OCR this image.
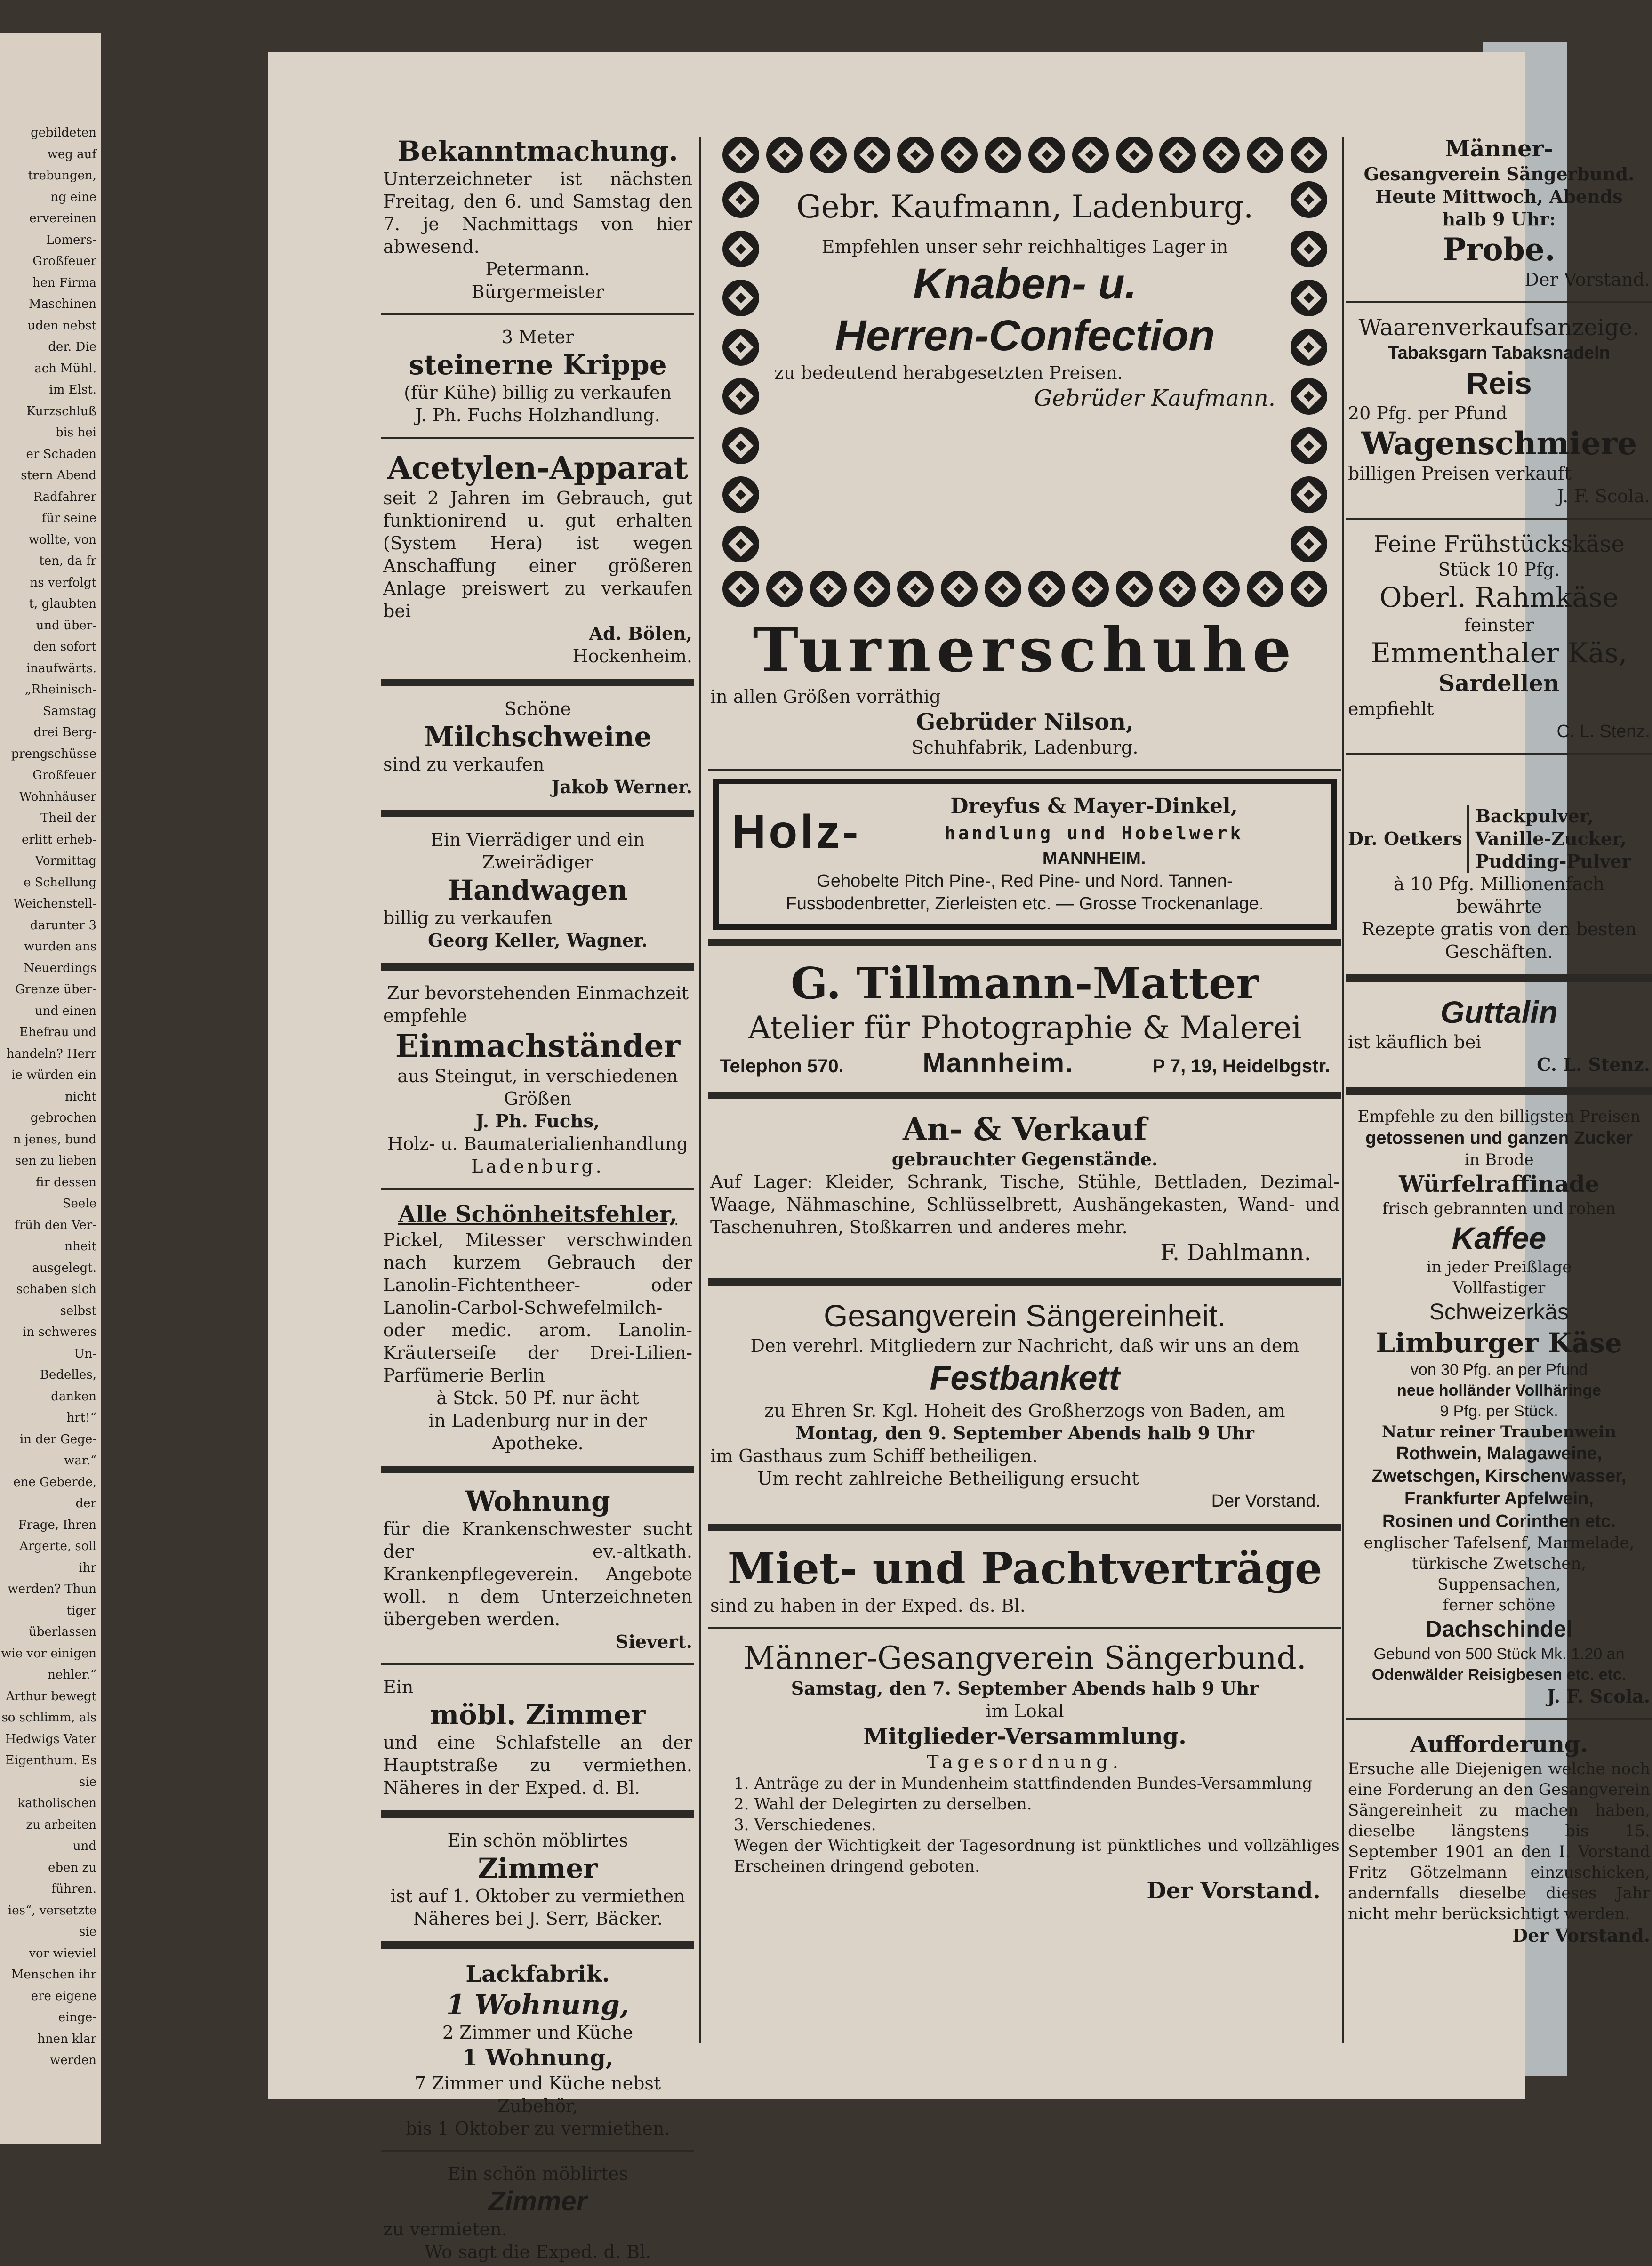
gebildeten
weg auf
trebungen,
ng eine
ervereinen
Lomers-
Großfeuer
hen Firma
Maschinen
uden nebst
der. Die
ach Mühl.
im Elst.
Kurzschluß
bis hei
er Schaden
stern Abend
Radfahrer
für seine
wollte, von
ten, da fr
ns verfolgt
t, glaubten
und über-
den sofort
inaufwärts.
„Rheinisch-
Samstag
drei Berg-
prengschüsse
Großfeuer
Wohnhäuser
Theil der
erlitt erheb-
Vormittag
e Schellung
Weichenstell-
darunter 3
wurden ans
Neuerdings
Grenze über-
und einen
Ehefrau und
handeln? Herr
ie würden ein
nicht gebrochen
n jenes, bund
sen zu lieben
fir dessen Seele
früh den Ver-
nheit ausgelegt.
schaben sich selbst
in schweres Un-
Bedelles, danken
hrt!“
in der Gege-
war.“
ene Geberde, der
Frage, Ihren
Argerte, soll ihr
werden? Thun
tiger überlassen
wie vor einigen
nehler.“
Arthur bewegt
so schlimm, als
Hedwigs Vater
Eigenthum. Es
sie katholischen
zu arbeiten und
eben zu führen.
ies“, versetzte sie
vor wieviel
Menschen ihr
ere eigene einge-
hnen klar werden

Bekanntmachung.

Unterzeichneter ist nächsten Freitag, den 6. und Samstag den 7. je Nachmittags von hier abwesend.

Petermann.

Bürgermeister

3 Meter

steinerne Krippe

(für Kühe) billig zu verkaufen

J. Ph. Fuchs Holzhandlung.

Acetylen-Apparat

seit 2 Jahren im Gebrauch, gut funktionirend u. gut erhalten (System Hera) ist wegen Anschaffung einer größeren Anlage preiswert zu verkaufen bei

Ad. Bölen,

Hockenheim.

Schöne

Milchschweine

sind zu verkaufen

Jakob Werner.

Ein Vierrädiger und ein Zweirädiger

Handwagen

billig zu verkaufen

Georg Keller, Wagner.

Zur bevorstehenden Einmachzeit

empfehle

Einmachständer

aus Steingut, in verschiedenen Größen

J. Ph. Fuchs,

Holz- u. Baumaterialienhandlung

Ladenburg.

Alle Schönheitsfehler,

Pickel, Mitesser verschwinden nach kurzem Gebrauch der Lanolin-Fichtentheer- oder Lanolin-Carbol-Schwefelmilch- oder medic. arom. Lanolin- Kräuterseife der Drei-Lilien-Parfümerie Berlin

à Stck. 50 Pf. nur ächt

in Ladenburg nur in der Apotheke.

Wohnung

für die Krankenschwester sucht der ev.-altkath. Krankenpflegeverein. Angebote woll. n dem Unterzeichneten übergeben werden.

Sievert.

Ein

möbl. Zimmer

und eine Schlafstelle an der Hauptstraße zu vermiethen. Näheres in der Exped. d. Bl.

Ein schön möblirtes

Zimmer

ist auf 1. Oktober zu vermiethen

Näheres bei J. Serr, Bäcker.

Lackfabrik.

1 Wohnung,

2 Zimmer und Küche

1 Wohnung,

7 Zimmer und Küche nebst Zubehör,

bis 1 Oktober zu vermiethen.

Ein schön möblirtes

Zimmer

zu vermieten.

Wo sagt die Exped. d. Bl.

Gebr. Kaufmann, Ladenburg.

Empfehlen unser sehr reichhaltiges Lager in

Knaben- u.

Herren-Confection

zu bedeutend herabgesetzten Preisen.

Gebrüder Kaufmann.

Turnerschuhe

in allen Größen vorräthig

Gebrüder Nilson,

Schuhfabrik, Ladenburg.

Holz-	Dreyfus & Mayer-Dinkel,

handlung und Hobelwerk

MANNHEIM.

Gehobelte Pitch Pine-, Red Pine- und Nord. Tannen-

Fussbodenbretter, Zierleisten etc. — Grosse Trockenanlage.

G. Tillmann-Matter

Atelier für Photographie & Malerei

Telephon 570.	Mannheim.	P 7, 19, Heidelbgstr.

An- & Verkauf

gebrauchter Gegenstände.

Auf Lager: Kleider, Schrank, Tische, Stühle, Bettladen, Dezimal-Waage, Nähmaschine, Schlüsselbrett, Aushängekasten, Wand- und Taschenuhren, Stoßkarren und anderes mehr.

F. Dahlmann.

Gesangverein Sängereinheit.

Den verehrl. Mitgliedern zur Nachricht, daß wir uns an dem

Festbankett

zu Ehren Sr. Kgl. Hoheit des Großherzogs von Baden, am

Montag, den 9. September Abends halb 9 Uhr

im Gasthaus zum Schiff betheiligen.

Um recht zahlreiche Betheiligung ersucht

Der Vorstand.

Miet- und Pachtverträge

sind zu haben in der Exped. ds. Bl.

Männer-Gesangverein Sängerbund.

Samstag, den 7. September Abends halb 9 Uhr

im Lokal

Mitglieder-Versammlung.

Tagesordnung.

1. Anträge zu der in Mundenheim stattfindenden Bundes-Versammlung

2. Wahl der Delegirten zu derselben.

3. Verschiedenes.

Wegen der Wichtigkeit der Tagesordnung ist pünktliches und vollzähliges Erscheinen dringend geboten.

Der Vorstand.

Männer-

Gesangverein Sängerbund.

Heute Mittwoch, Abends

halb 9 Uhr:

Probe.

Der Vorstand.

Waarenverkaufsanzeige.

Tabaksgarn Tabaksnadeln

Reis

20 Pfg. per Pfund

Wagenschmiere

billigen Preisen verkauft

J. F. Scola.

Feine Frühstückskäse

Stück 10 Pfg.

Oberl. Rahmkäse

feinster

Emmenthaler Käs,

Sardellen

empfiehlt

C. L. Stenz.

Dr. Oetkers

Backpulver,

Vanille-Zucker,

Pudding-Pulver

à 10 Pfg. Millionenfach bewährte

Rezepte gratis von den besten

Geschäften.

Guttalin

ist käuflich bei

C. L. Stenz.

Empfehle zu den billigsten Preisen

getossenen und ganzen Zucker

in Brode

Würfelraffinade

frisch gebrannten und rohen

Kaffee

in jeder Preißlage

Vollfastiger

Schweizerkäs

Limburger Käse

von 30 Pfg. an per Pfund

neue holländer Vollhäringe

9 Pfg. per Stück.

Natur reiner Traubenwein

Rothwein, Malagaweine,

Zwetschgen, Kirschenwasser,

Frankfurter Apfelwein,

Rosinen und Corinthen etc.

englischer Tafelsenf, Marmelade,

türkische Zwetschen, Suppensachen,

ferner schöne

Dachschindel

Gebund von 500 Stück Mk. 1.20 an

Odenwälder Reisigbesen etc. etc.

J. F. Scola.

Aufforderung.

Ersuche alle Diejenigen welche noch eine Forderung an den Gesangverein Sängereinheit zu machen haben, dieselbe längstens bis 15. September 1901 an den I. Vorstand Fritz Götzelmann einzuschicken, andernfalls dieselbe dieses Jahr nicht mehr berücksichtigt werden.

Der Vorstand.
